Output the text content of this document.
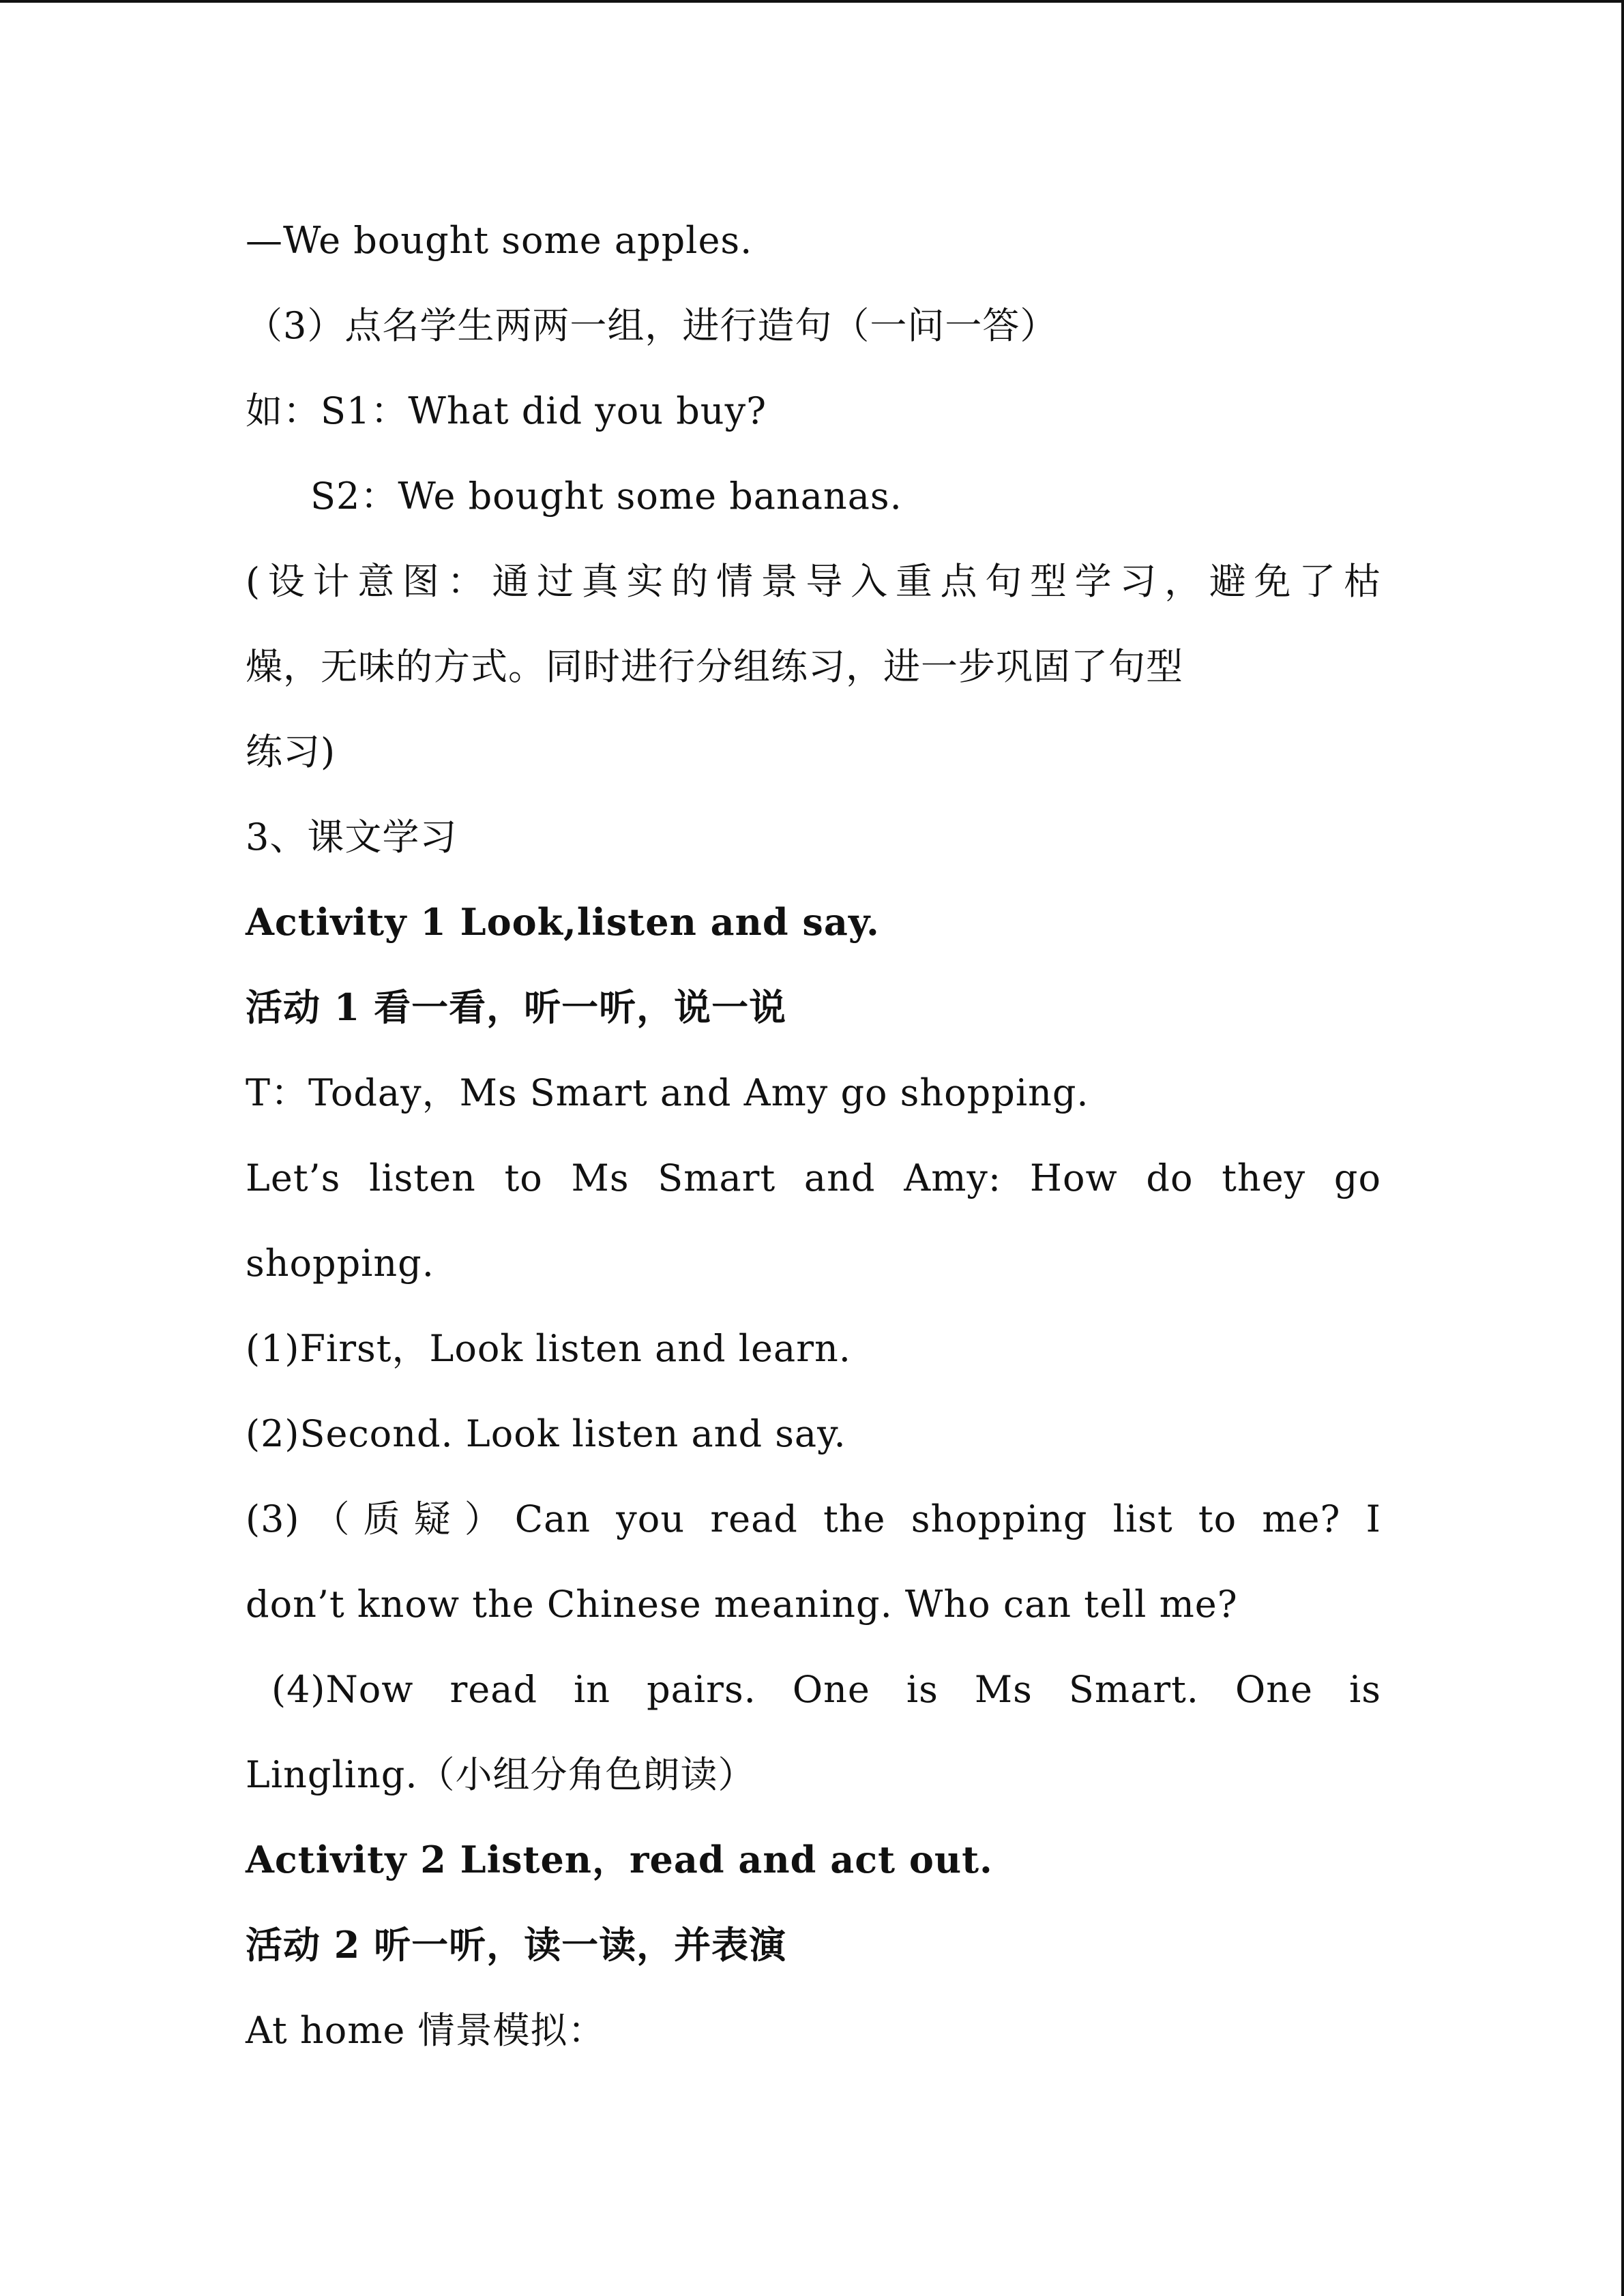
—We bought some apples.
（3）点名学生两两一组，进行造句（一问一答）
如：S1：What did you buy?
S2：We bought some bananas.
(设计意图：通过真实的情景导入重点句型学习，避免了枯
燥，无味的方式。同时进行分组练习，进一步巩固了句型
练习)
3、课文学习
Activity 1 Look,listen and say.
活动 1 看一看，听一听，说一说
T：Today，Ms Smart and Amy go shopping.
Let’s listen to Ms Smart and Amy: How do they go
shopping.
(1)First，Look listen and learn.
(2)Second. Look listen and say.
(3)（质疑）Can you read the shopping list to me? I
don’t know the Chinese meaning. Who can tell me?
(4)Now read in pairs. One is Ms Smart. One is
Lingling.（小组分角色朗读）
Activity 2 Listen，read and act out.
活动 2 听一听，读一读，并表演
At home 情景模拟：
